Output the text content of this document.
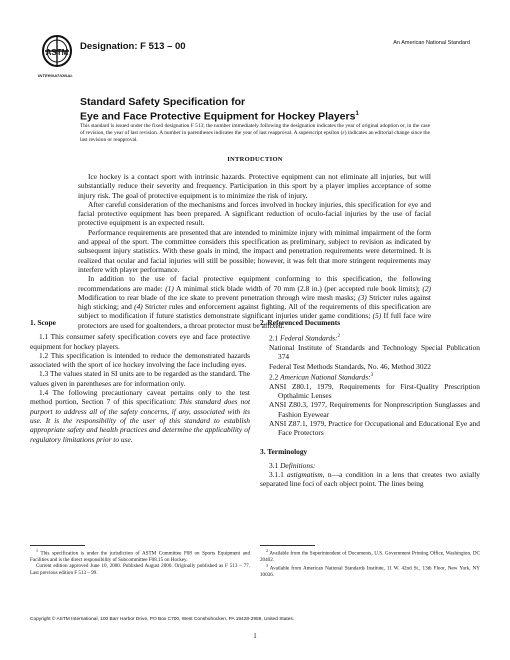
ASTM
INTERNATIONAL
Designation: F 513 – 00	An American National Standard
Standard Safety Specification for
Eye and Face Protective Equipment for Hockey Players$^1$
This standard is issued under the fixed designation F 513; the number immediately following the designation indicates the year of original adoption or, in the case of revision, the year of last revision. A number in parentheses indicates the year of last reapproval. A superscript epsilon (ε) indicates an editorial change since the last revision or reapproval.
INTRODUCTION

Ice hockey is a contact sport with intrinsic hazards. Protective equipment can not eliminate all injuries, but will substantially reduce their severity and frequency. Participation in this sport by a player implies acceptance of some injury risk. The goal of protective equipment is to minimize the risk of injury.

After careful consideration of the mechanisms and forces involved in hockey injuries, this specification for eye and facial protective equipment has been prepared. A significant reduction of oculo-facial injuries by the use of facial protective equipment is an expected result.

Performance requirements are presented that are intended to minimize injury with minimal impairment of the form and appeal of the sport. The committee considers this specification as preliminary, subject to revision as indicated by subsequent injury statistics. With these goals in mind, the impact and penetration requirements were determined. It is realized that ocular and facial injuries will still be possible; however, it was felt that more stringent requirements may interfere with player performance.

In addition to the use of facial protective equipment conforming to this specification, the following recommendations are made: (1) A minimal stick blade width of 70 mm (2.8 in.) (per accepted rule book limits); (2) Modification to rear blade of the ice skate to prevent penetration through wire mesh masks; (3) Stricter rules against high sticking; and (4) Stricter rules and enforcement against fighting. All of the requirements of this specification are subject to modification if future statistics demonstrate significant injuries under game conditions; (5) If full face wire protectors are used for goaltenders, a throat protector must be affixed.

1. Scope

1.1 This consumer safety specification covers eye and face protective equipment for hockey players.

1.2 This specification is intended to reduce the demonstrated hazards associated with the sport of ice hockey involving the face including eyes.

1.3 The values stated in SI units are to be regarded as the standard. The values given in parentheses are for information only.

1.4 The following precautionary caveat pertains only to the test method portion, Section 7 of this specification: This standard does not purport to address all of the safety concerns, if any, associated with its use. It is the responsibility of the user of this standard to establish appropriate safety and health practices and determine the applicability of regulatory limitations prior to use.

2. Referenced Documents

2.1 Federal Standards:$^2$

National Institute of Standards and Technology Special Publication 374

Federal Test Methods Standards, No. 46, Method 3022

2.2 American National Standards:$^3$

ANSI Z80.1, 1979, Requirements for First-Quality Prescription Opthalmic Lenses

ANSI Z80.3, 1977, Requirements for Nonprescription Sunglasses and Fashion Eyewear

ANSI Z87.1, 1979, Practice for Occupational and Educational Eye and Face Protectors

3. Terminology

3.1 Definitions:

3.1.1 astigmatism, n—a condition in a lens that creates two axially separated line foci of each object point. The lines being

$^1$ This specification is under the jurisdiction of ASTM Committee F08 on Sports Equipment and Facilities and is the direct responsibility of Subcommittee F08.15 on Hockey.

Current edition approved June 10, 2000. Published August 2000. Originally published as F 513 – 77. Last previous edition F 513 – 99.

$^2$ Available from the Superintendent of Documents, U.S. Government Printing Office, Washington, DC 20402.

$^3$ Available from American National Standards Institute, 11 W. 42nd St., 13th Floor, New York, NY 10036.

Copyright © ASTM International, 100 Barr Harbor Drive, PO Box C700, West Conshohocken, PA 19428-2959, United States.
1
